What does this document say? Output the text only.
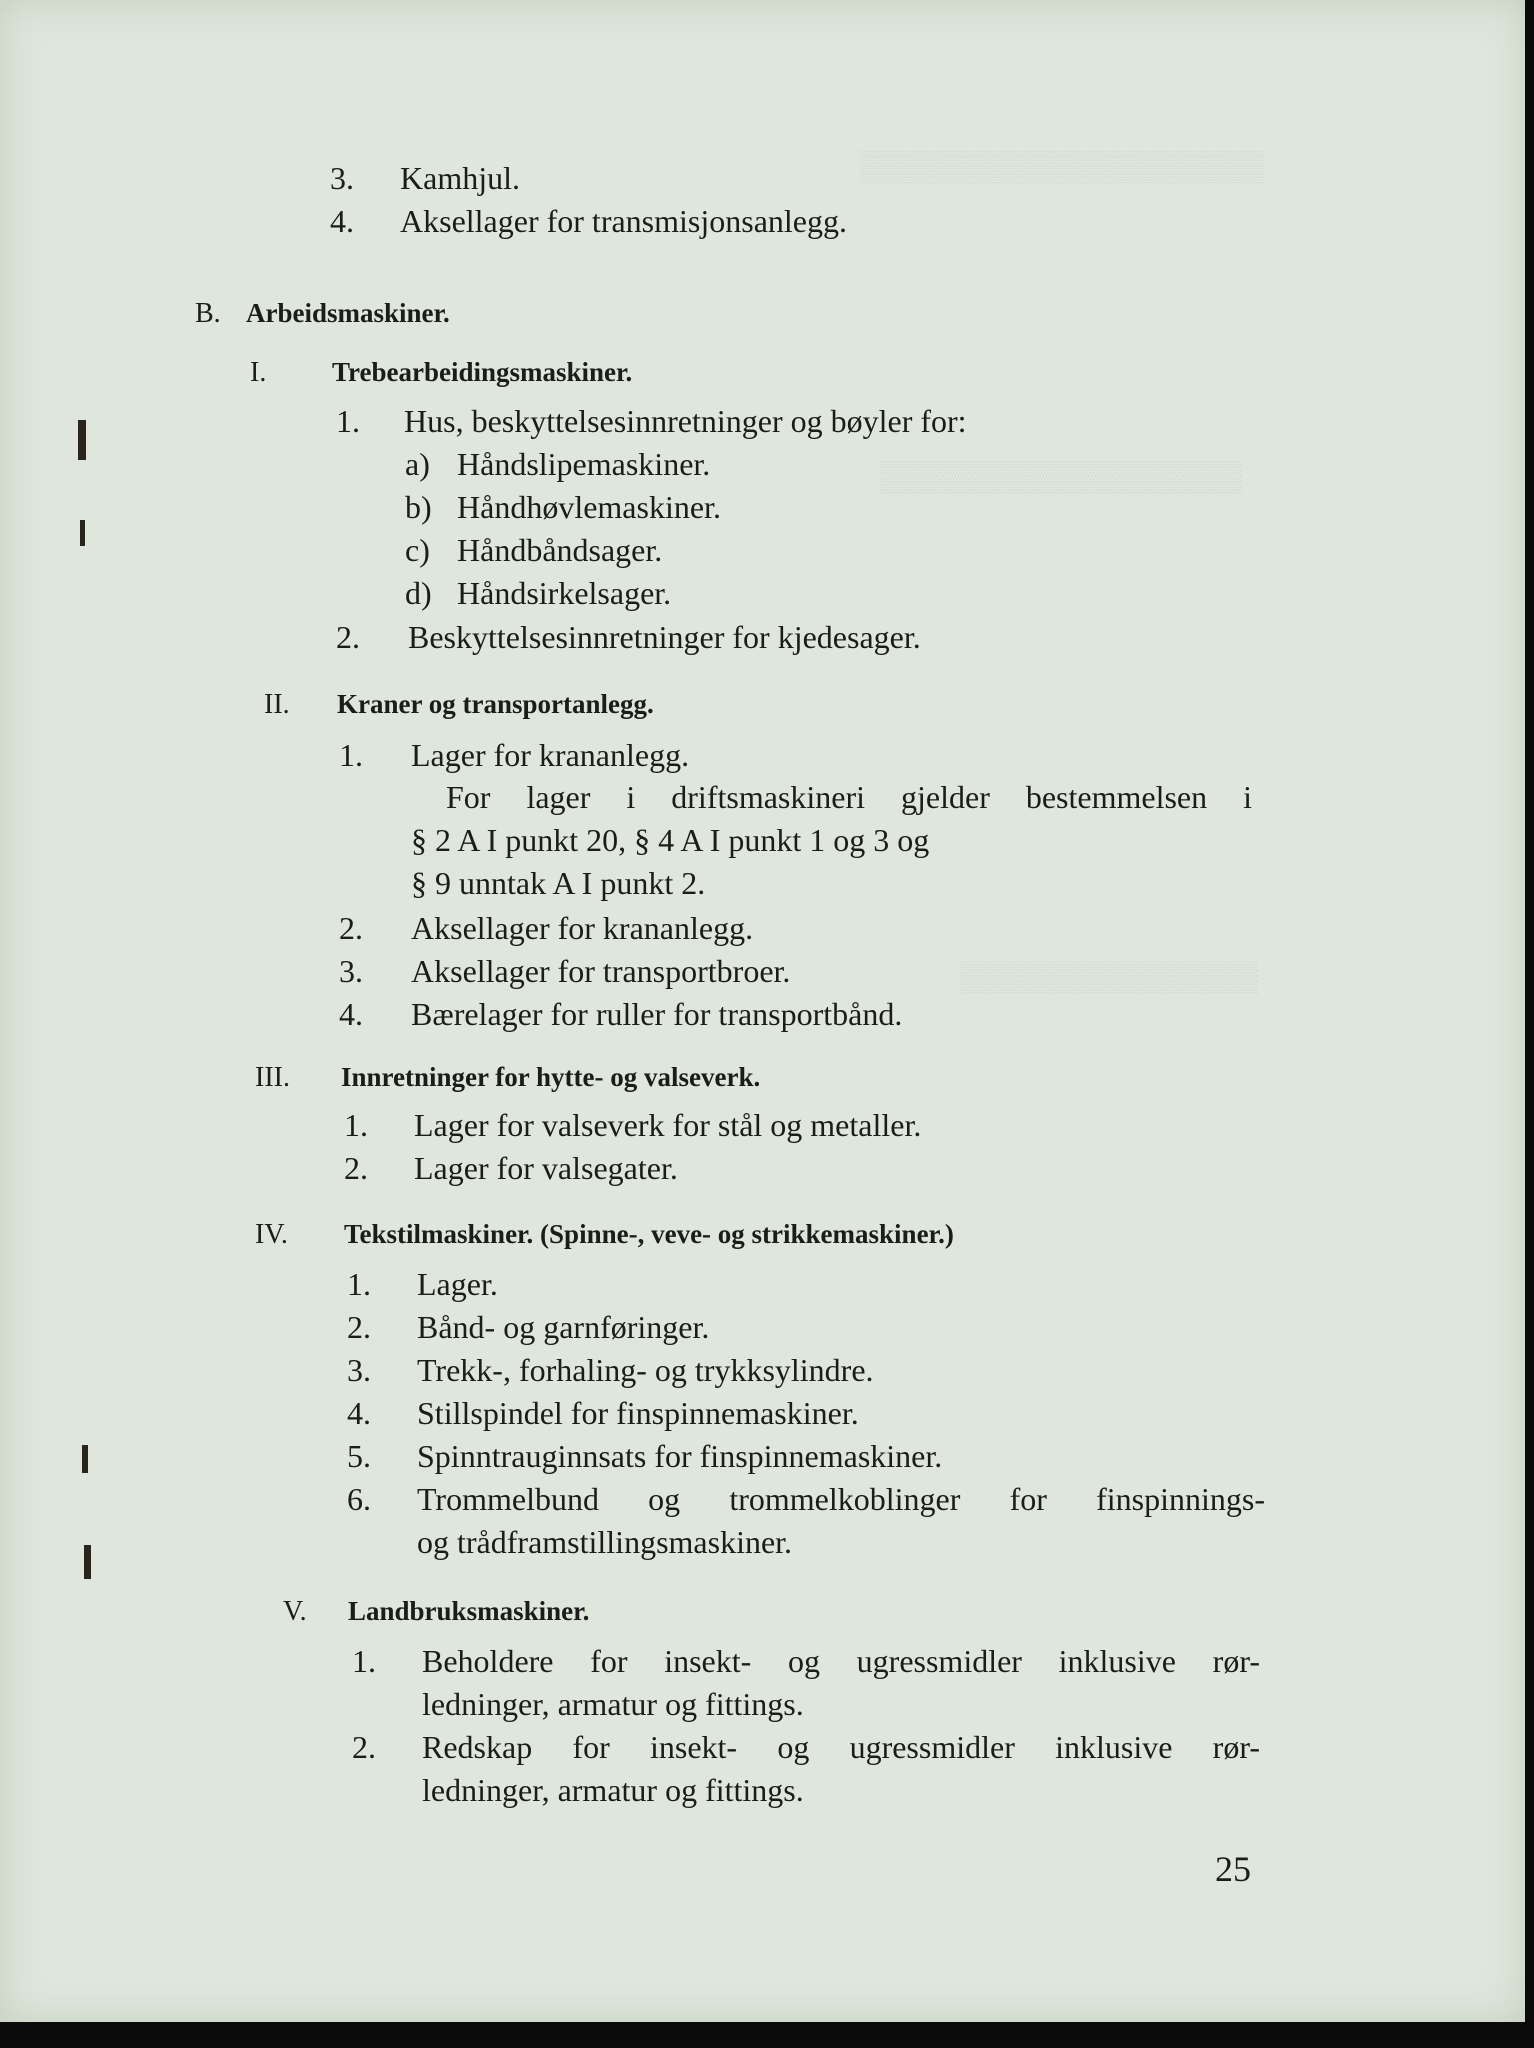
▒▒▒▒▒▒▒▒▒▒▒▒▒▒▒▒▒▒▒
▒▒▒▒▒▒▒▒▒▒▒▒▒▒▒▒▒
▒▒▒▒▒▒▒▒▒▒▒▒▒▒
3. Kamhjul.
4. Aksellager for transmisjonsanlegg.
B. Arbeidsmaskiner.
I. Trebearbeidingsmaskiner.
1. Hus, beskyttelsesinnretninger og bøyler for:
a) Håndslipemaskiner.
b) Håndhøvlemaskiner.
c) Håndbåndsager.
d) Håndsirkelsager.
2. Beskyttelsesinnretninger for kjedesager.
II. Kraner og transportanlegg.
1. Lager for krananlegg.
For lager i driftsmaskineri gjelder bestemmelsen i
§ 2 A I punkt 20, § 4 A I punkt 1 og 3 og
§ 9 unntak A I punkt 2.
2. Aksellager for krananlegg.
3. Aksellager for transportbroer.
4. Bærelager for ruller for transportbånd.
III. Innretninger for hytte- og valseverk.
1. Lager for valseverk for stål og metaller.
2. Lager for valsegater.
IV. Tekstilmaskiner. (Spinne-, veve- og strikkemaskiner.)
1. Lager.
2. Bånd- og garnføringer.
3. Trekk-, forhaling- og trykksylindre.
4. Stillspindel for finspinnemaskiner.
5. Spinntrauginnsats for finspinnemaskiner.
6. Trommelbund og trommelkoblinger for finspinnings-
og trådframstillingsmaskiner.
V. Landbruksmaskiner.
1. Beholdere for insekt- og ugressmidler inklusive rør-
ledninger, armatur og fittings.
2. Redskap for insekt- og ugressmidler inklusive rør-
ledninger, armatur og fittings.
25
